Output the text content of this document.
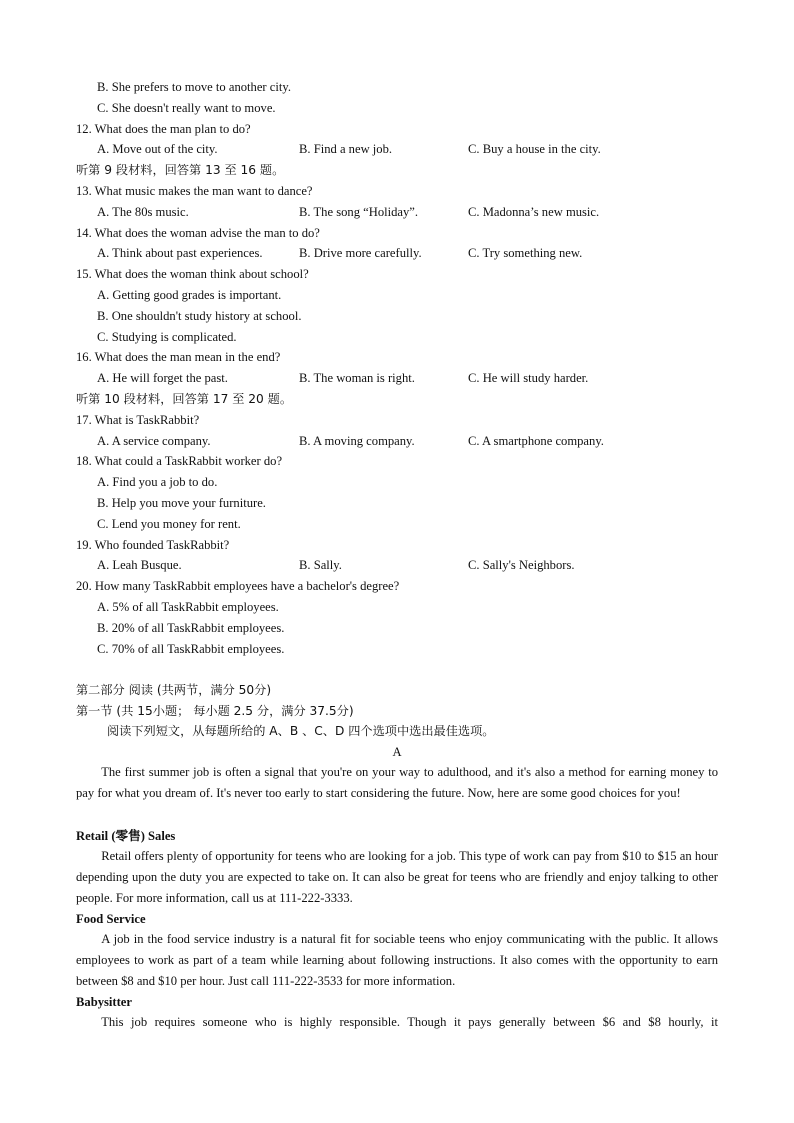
B. She prefers to move to another city.
C. She doesn't really want to move.
12. What does the man plan to do?
A. Move out of the city.	B. Find a new job.	C. Buy a house in the city.
听第 9 段材料，回答第 13 至 16 题。
13. What music makes the man want to dance?
A. The 80s music.	B. The song “Holiday”.	C. Madonna’s new music.
14. What does the woman advise the man to do?
A. Think about past experiences.	B. Drive more carefully.	C. Try something new.
15. What does the woman think about school?
A. Getting good grades is important.
B. One shouldn't study history at school.
C. Studying is complicated.
16. What does the man mean in the end?
A. He will forget the past.	B. The woman is right.	C. He will study harder.
听第 10 段材料，回答第 17 至 20 题。
17. What is TaskRabbit?
A. A service company.	B. A moving company.	C. A smartphone company.
18. What could a TaskRabbit worker do?
A. Find you a job to do.
B. Help you move your furniture.
C. Lend you money for rent.
19. Who founded TaskRabbit?
A. Leah Busque.	B. Sally.	C. Sally's Neighbors.
20. How many TaskRabbit employees have a bachelor's degree?
A. 5% of all TaskRabbit employees.
B. 20% of all TaskRabbit employees.
C. 70% of all TaskRabbit employees.
第二部分 阅读 (共两节，满分 50分)
第一节 (共 15小题； 每小题 2.5 分，满分 37.5分)
阅读下列短文，从每题所给的 A、B 、C、D 四个选项中选出最佳选项。
A
The first summer job is often a signal that you're on your way to adulthood, and it's also a method for earning money to pay for what you dream of. It's never too early to start considering the future. Now, here are some good choices for you!
Retail (零售) Sales
Retail offers plenty of opportunity for teens who are looking for a job. This type of work can pay from $10 to $15 an hour depending upon the duty you are expected to take on. It can also be great for teens who are friendly and enjoy talking to other people. For more information, call us at 111-222-3333.
Food Service
A job in the food service industry is a natural fit for sociable teens who enjoy communicating with the public. It allows employees to work as part of a team while learning about following instructions. It also comes with the opportunity to earn between $8 and $10 per hour. Just call 111-222-3533 for more information.
Babysitter
This job requires someone who is highly responsible. Though it pays generally between $6 and $8 hourly, it
